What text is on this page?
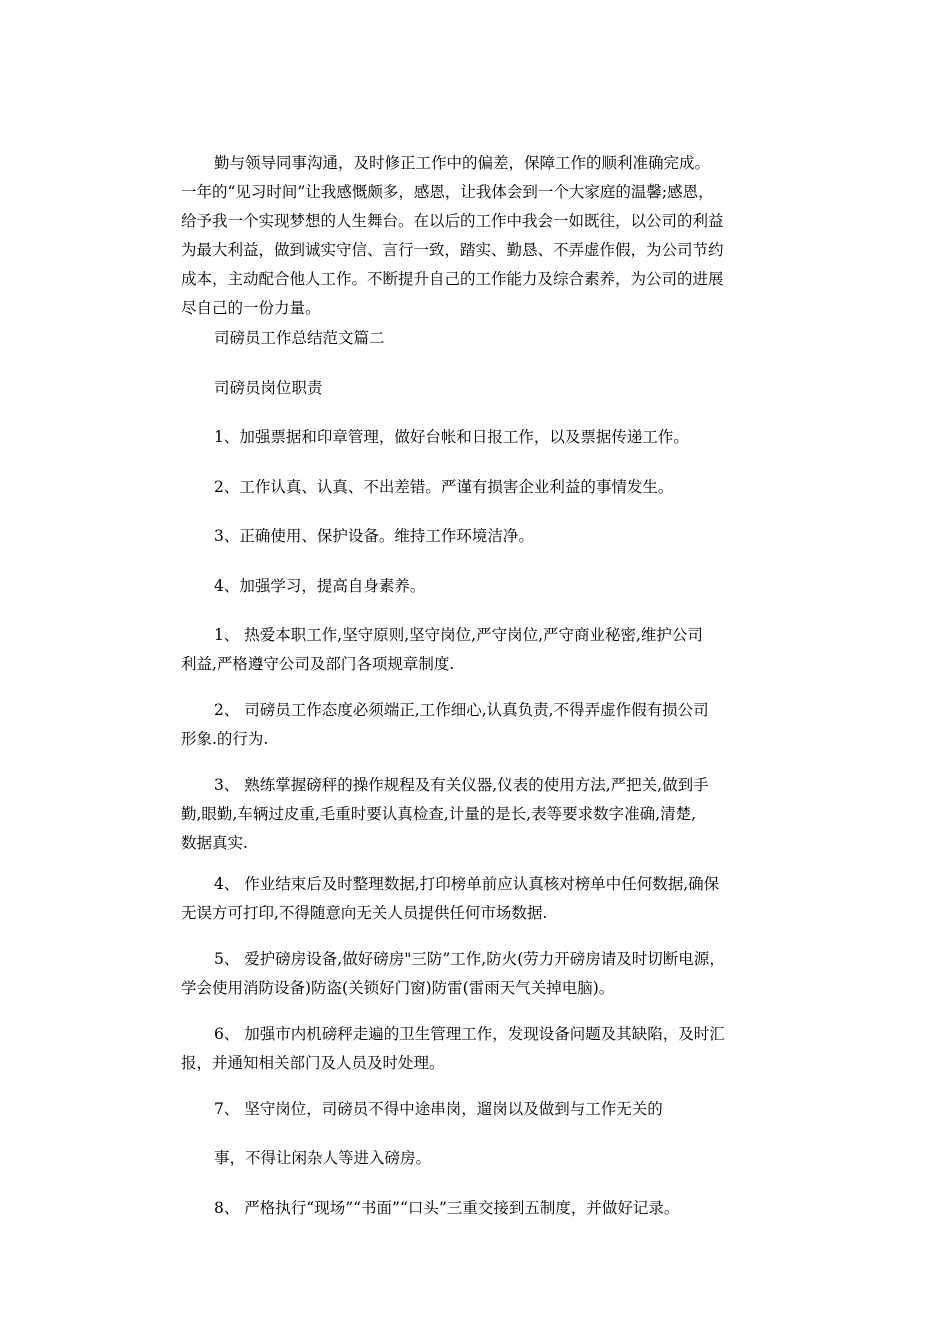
勤与领导同事沟通，及时修正工作中的偏差，保障工作的顺利准确完成。
一年的“见习时间”让我感慨颇多，感恩，让我体会到一个大家庭的温馨;感恩，
给予我一个实现梦想的人生舞台。在以后的工作中我会一如既往，以公司的利益
为最大利益，做到诚实守信、言行一致，踏实、勤恳、不弄虚作假，为公司节约
成本，主动配合他人工作。不断提升自己的工作能力及综合素养，为公司的进展
尽自己的一份力量。
司磅员工作总结范文篇二
司磅员岗位职责
1、加强票据和印章管理，做好台帐和日报工作，以及票据传递工作。
2、工作认真、认真、不出差错。严谨有损害企业利益的事情发生。
3、正确使用、保护设备。维持工作环境洁净。
4、加强学习，提高自身素养。
1、 热爱本职工作,坚守原则,坚守岗位,严守岗位,严守商业秘密,维护公司
利益,严格遵守公司及部门各项规章制度.
2、 司磅员工作态度必须端正,工作细心,认真负责,不得弄虚作假有损公司
形象.的行为.
3、 熟练掌握磅秤的操作规程及有关仪器,仪表的使用方法,严把关,做到手
勤,眼勤,车辆过皮重,毛重时要认真检查,计量的是长,表等要求数字准确,清楚,
数据真实.
4、 作业结束后及时整理数据,打印榜单前应认真核对榜单中任何数据,确保
无误方可打印,不得随意向无关人员提供任何市场数据.
5、 爱护磅房设备,做好磅房"三防”工作,防火(劳力开磅房请及时切断电源，
学会使用消防设备)防盗(关锁好门窗)防雷(雷雨天气关掉电脑)。
6、 加强市内机磅秤走遍的卫生管理工作，发现设备问题及其缺陷，及时汇
报，并通知相关部门及人员及时处理。
7、 坚守岗位，司磅员不得中途串岗，遛岗以及做到与工作无关的
事，不得让闲杂人等进入磅房。
8、 严格执行“现场”“书面”“口头”三重交接到五制度，并做好记录。
